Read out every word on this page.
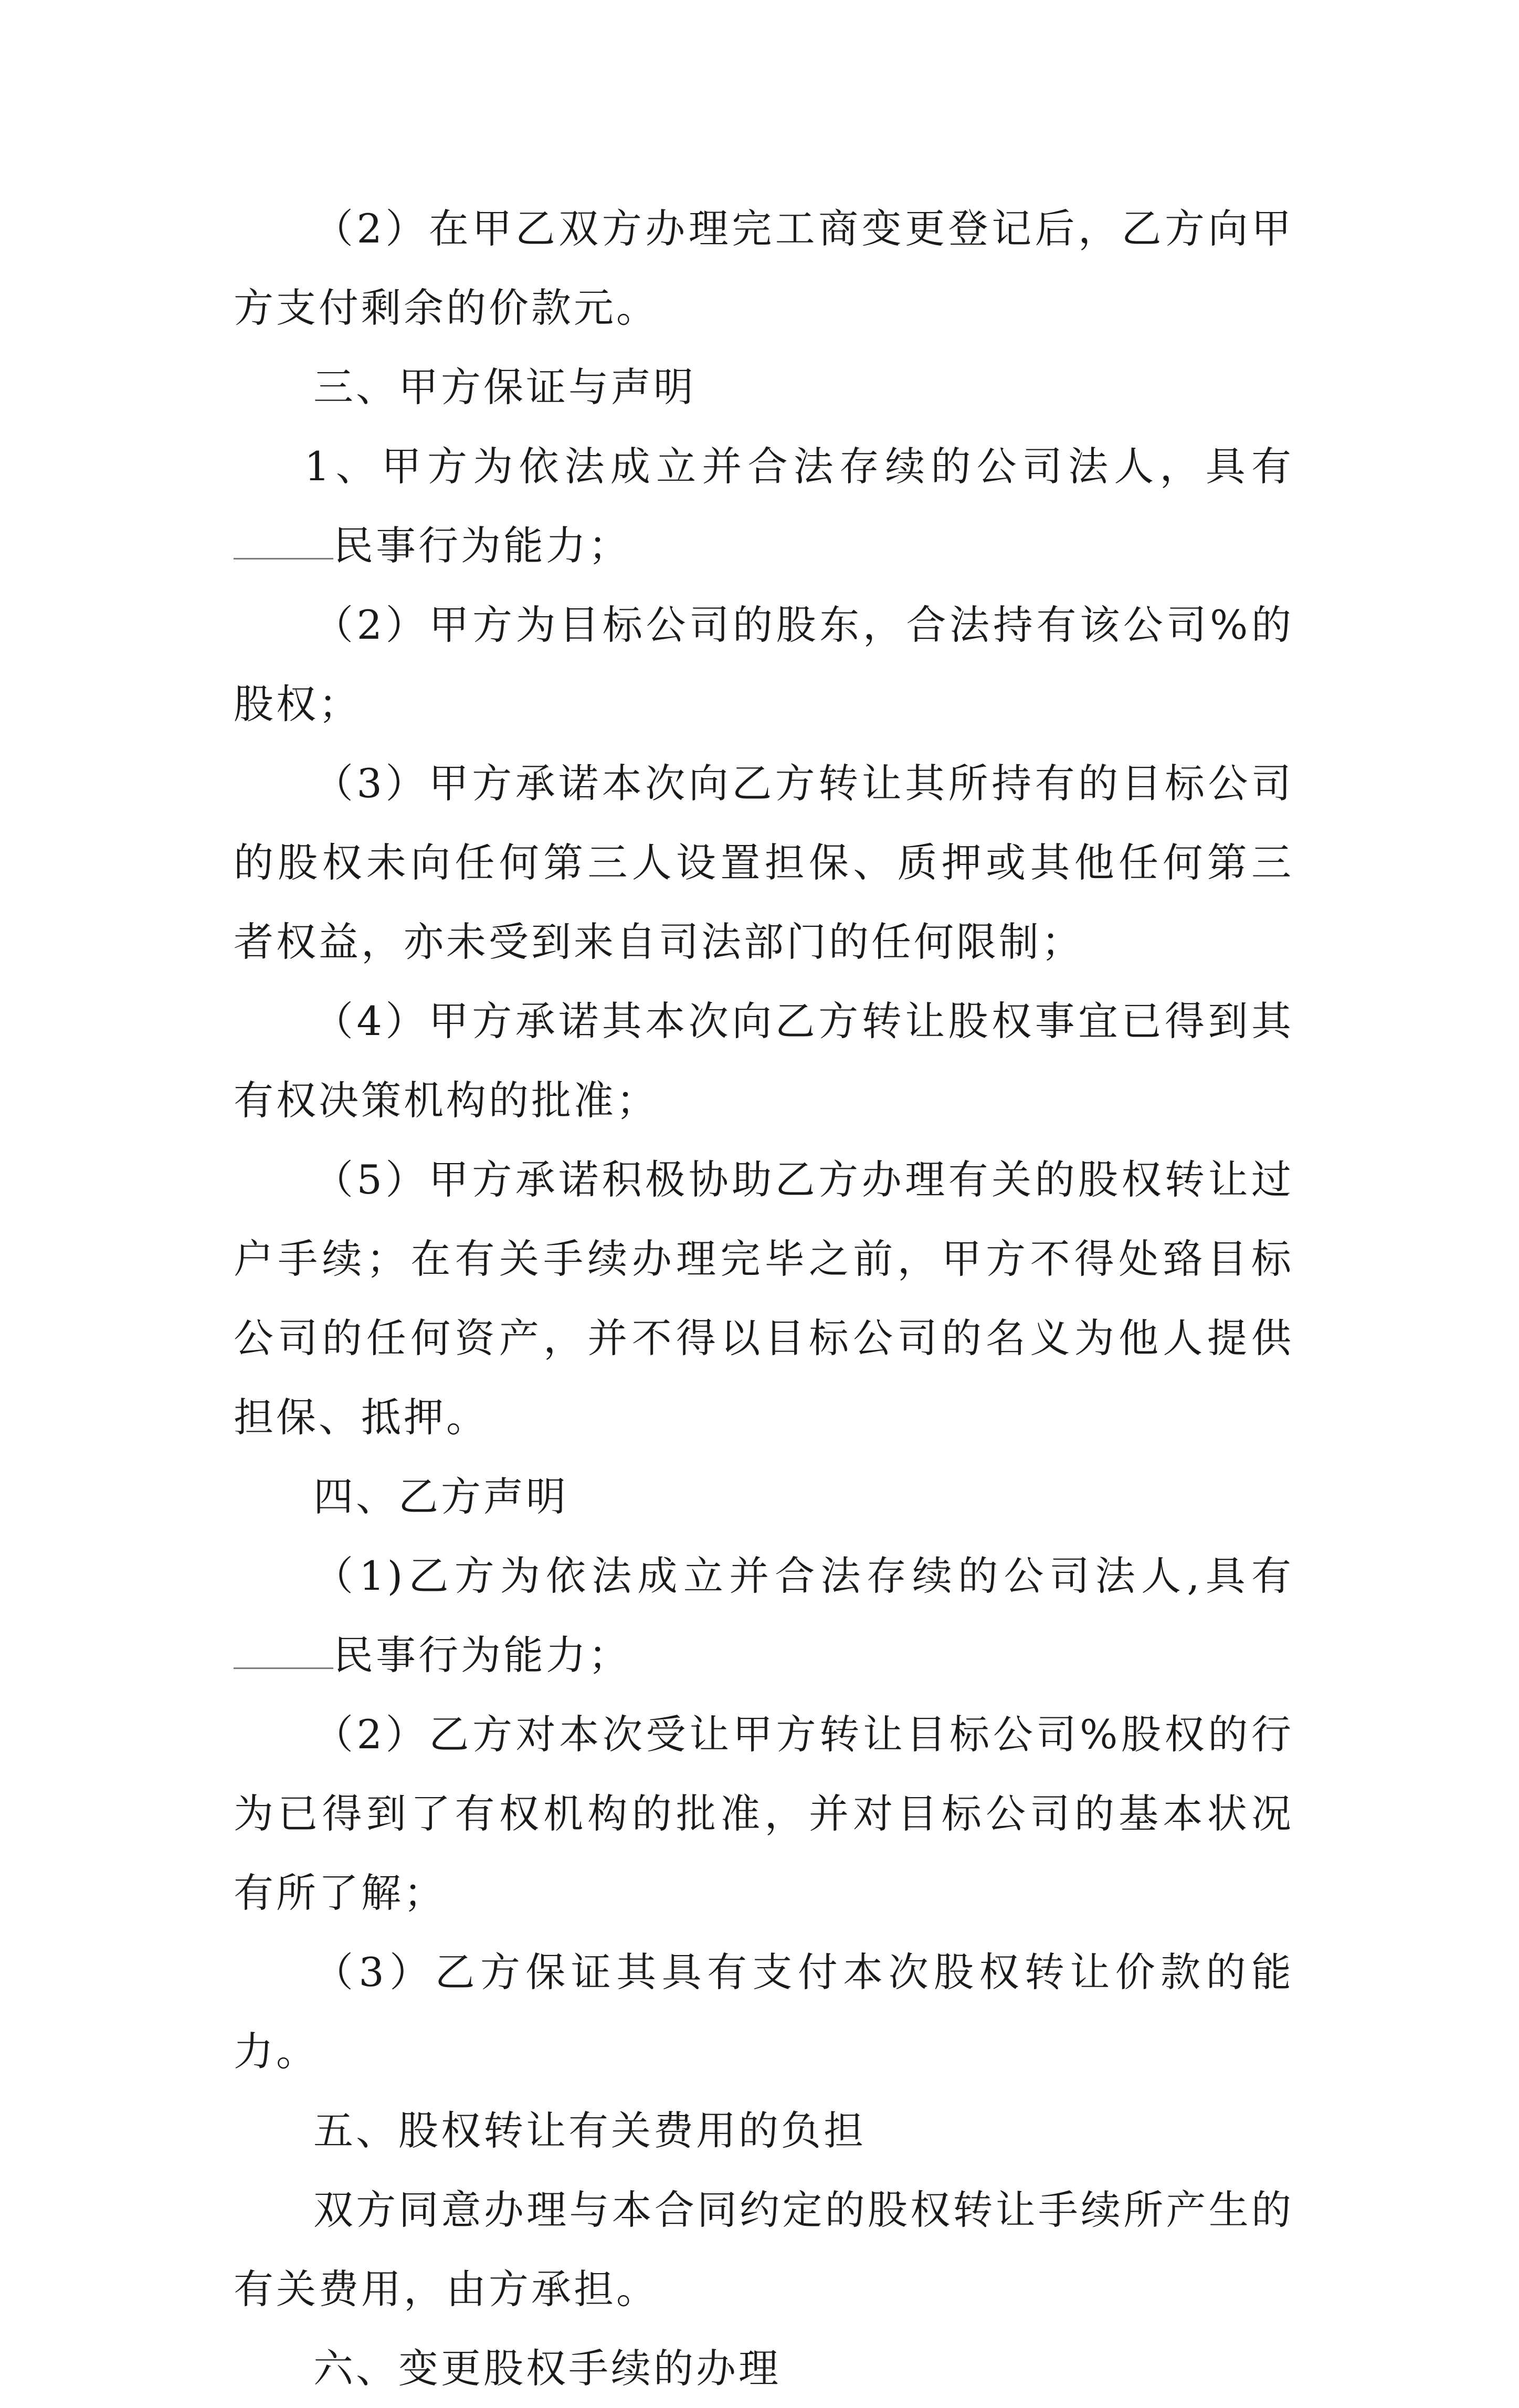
（2）在甲乙双方办理完工商变更登记后，乙方向甲方支付剩余的价款元。

三、甲方保证与声明

1、甲方为依法成立并合法存续的公司法人，具有民事行为能力；

（2）甲方为目标公司的股东，合法持有该公司%的股权；

（3）甲方承诺本次向乙方转让其所持有的目标公司的股权未向任何第三人设置担保、质押或其他任何第三者权益，亦未受到来自司法部门的任何限制；

（4）甲方承诺其本次向乙方转让股权事宜已得到其有权决策机构的批准；

（5）甲方承诺积极协助乙方办理有关的股权转让过户手续；在有关手续办理完毕之前，甲方不得处臵目标公司的任何资产，并不得以目标公司的名义为他人提供担保、抵押。

四、乙方声明

（1)乙方为依法成立并合法存续的公司法人,具有民事行为能力；

（2）乙方对本次受让甲方转让目标公司%股权的行为已得到了有权机构的批准，并对目标公司的基本状况有所了解；

（3）乙方保证其具有支付本次股权转让价款的能力。

五、股权转让有关费用的负担

双方同意办理与本合同约定的股权转让手续所产生的有关费用，由方承担。

六、变更股权手续的办理
